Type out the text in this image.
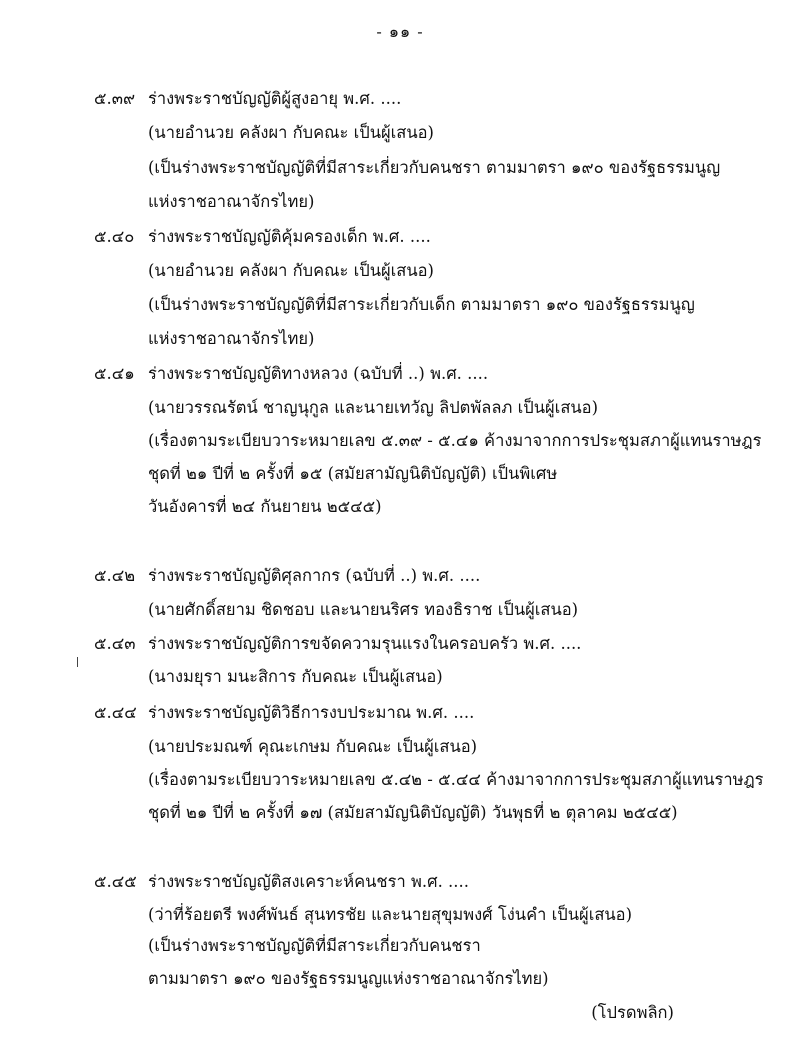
- ๑๑ -
๕.๓๙ ร่างพระราชบัญญัติผู้สูงอายุ พ.ศ. ....
(นายอำนวย คลังผา กับคณะ เป็นผู้เสนอ)
(เป็นร่างพระราชบัญญัติที่มีสาระเกี่ยวกับคนชรา ตามมาตรา ๑๙๐ ของรัฐธรรมนูญ
แห่งราชอาณาจักรไทย)
๕.๔๐ ร่างพระราชบัญญัติคุ้มครองเด็ก พ.ศ. ....
(นายอำนวย คลังผา กับคณะ เป็นผู้เสนอ)
(เป็นร่างพระราชบัญญัติที่มีสาระเกี่ยวกับเด็ก ตามมาตรา ๑๙๐ ของรัฐธรรมนูญ
แห่งราชอาณาจักรไทย)
๕.๔๑ ร่างพระราชบัญญัติทางหลวง (ฉบับที่ ..) พ.ศ. ....
(นายวรรณรัตน์ ชาญนุกูล และนายเทวัญ ลิปตพัลลภ เป็นผู้เสนอ)
(เรื่องตามระเบียบวาระหมายเลข ๕.๓๙ - ๕.๔๑ ค้างมาจากการประชุมสภาผู้แทนราษฎร
ชุดที่ ๒๑ ปีที่ ๒ ครั้งที่ ๑๕ (สมัยสามัญนิติบัญญัติ) เป็นพิเศษ
วันอังคารที่ ๒๔ กันยายน ๒๕๔๕)
๕.๔๒ ร่างพระราชบัญญัติศุลกากร (ฉบับที่ ..) พ.ศ. ....
(นายศักดิ์สยาม ชิดชอบ และนายนริศร ทองธิราช เป็นผู้เสนอ)
๕.๔๓ ร่างพระราชบัญญัติการขจัดความรุนแรงในครอบครัว พ.ศ. ....
(นางมยุรา มนะสิการ กับคณะ เป็นผู้เสนอ)
๕.๔๔ ร่างพระราชบัญญัติวิธีการงบประมาณ พ.ศ. ....
(นายประมณฑ์ คุณะเกษม กับคณะ เป็นผู้เสนอ)
(เรื่องตามระเบียบวาระหมายเลข ๕.๔๒ - ๕.๔๔ ค้างมาจากการประชุมสภาผู้แทนราษฎร
ชุดที่ ๒๑ ปีที่ ๒ ครั้งที่ ๑๗ (สมัยสามัญนิติบัญญัติ) วันพุธที่ ๒ ตุลาคม ๒๕๔๕)
๕.๔๕ ร่างพระราชบัญญัติสงเคราะห์คนชรา พ.ศ. ....
(ว่าที่ร้อยตรี พงศ์พันธ์ สุนทรชัย และนายสุขุมพงศ์ โง่นคำ เป็นผู้เสนอ)
(เป็นร่างพระราชบัญญัติที่มีสาระเกี่ยวกับคนชรา
ตามมาตรา ๑๙๐ ของรัฐธรรมนูญแห่งราชอาณาจักรไทย)
(โปรดพลิก)
